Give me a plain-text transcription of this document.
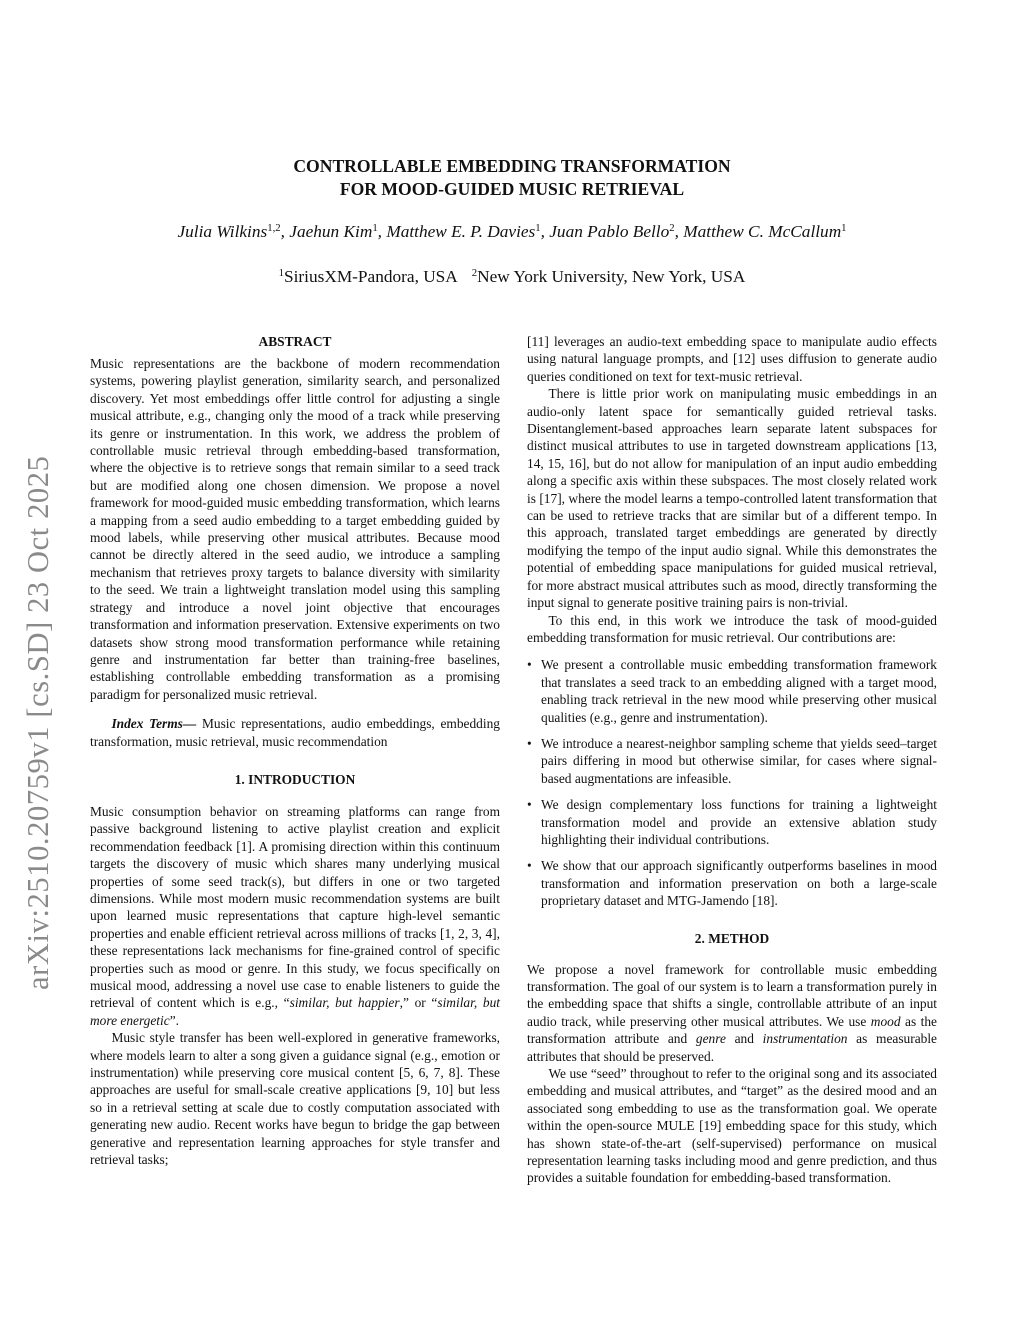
arXiv:2510.20759v1 [cs.SD] 23 Oct 2025
CONTROLLABLE EMBEDDING TRANSFORMATION
FOR MOOD-GUIDED MUSIC RETRIEVAL

Julia Wilkins$^{1,2}$, Jaehun Kim$^1$, Matthew E. P. Davies$^1$, Juan Pablo Bello$^2$, Matthew C. McCallum$^1$

$^1$SiriusXM-Pandora, USA $^2$New York University, New York, USA

ABSTRACT

Music representations are the backbone of modern recommendation systems, powering playlist generation, similarity search, and personalized discovery. Yet most embeddings offer little control for adjusting a single musical attribute, e.g., changing only the mood of a track while preserving its genre or instrumentation. In this work, we address the problem of controllable music retrieval through embedding-based transformation, where the objective is to retrieve songs that remain similar to a seed track but are modified along one chosen dimension. We propose a novel framework for mood-guided music embedding transformation, which learns a mapping from a seed audio embedding to a target embedding guided by mood labels, while preserving other musical attributes. Because mood cannot be directly altered in the seed audio, we introduce a sampling mechanism that retrieves proxy targets to balance diversity with similarity to the seed. We train a lightweight translation model using this sampling strategy and introduce a novel joint objective that encourages transformation and information preservation. Extensive experiments on two datasets show strong mood transformation performance while retaining genre and instrumentation far better than training-free baselines, establishing controllable embedding transformation as a promising paradigm for personalized music retrieval.

Index Terms— Music representations, audio embeddings, embedding transformation, music retrieval, music recommendation

1. INTRODUCTION

Music consumption behavior on streaming platforms can range from passive background listening to active playlist creation and explicit recommendation feedback [1]. A promising direction within this continuum targets the discovery of music which shares many underlying musical properties of some seed track(s), but differs in one or two targeted dimensions. While most modern music recommendation systems are built upon learned music representations that capture high-level semantic properties and enable efficient retrieval across millions of tracks [1, 2, 3, 4], these representations lack mechanisms for fine-grained control of specific properties such as mood or genre. In this study, we focus specifically on musical mood, addressing a novel use case to enable listeners to guide the retrieval of content which is e.g., “similar, but happier,” or “similar, but more energetic”.

Music style transfer has been well-explored in generative frameworks, where models learn to alter a song given a guidance signal (e.g., emotion or instrumentation) while preserving core musical content [5, 6, 7, 8]. These approaches are useful for small-scale creative applications [9, 10] but less so in a retrieval setting at scale due to costly computation associated with generating new audio. Recent works have begun to bridge the gap between generative and representation learning approaches for style transfer and retrieval tasks;

[11] leverages an audio-text embedding space to manipulate audio effects using natural language prompts, and [12] uses diffusion to generate audio queries conditioned on text for text-music retrieval.

There is little prior work on manipulating music embeddings in an audio-only latent space for semantically guided retrieval tasks. Disentanglement-based approaches learn separate latent subspaces for distinct musical attributes to use in targeted downstream applications [13, 14, 15, 16], but do not allow for manipulation of an input audio embedding along a specific axis within these subspaces. The most closely related work is [17], where the model learns a tempo-controlled latent transformation that can be used to retrieve tracks that are similar but of a different tempo. In this approach, translated target embeddings are generated by directly modifying the tempo of the input audio signal. While this demonstrates the potential of embedding space manipulations for guided musical retrieval, for more abstract musical attributes such as mood, directly transforming the input signal to generate positive training pairs is non-trivial.

To this end, in this work we introduce the task of mood-guided embedding transformation for music retrieval. Our contributions are:

• We present a controllable music embedding transformation framework that translates a seed track to an embedding aligned with a target mood, enabling track retrieval in the new mood while preserving other musical qualities (e.g., genre and instrumentation).
• We introduce a nearest-neighbor sampling scheme that yields seed–target pairs differing in mood but otherwise similar, for cases where signal-based augmentations are infeasible.
• We design complementary loss functions for training a lightweight transformation model and provide an extensive ablation study highlighting their individual contributions.
• We show that our approach significantly outperforms baselines in mood transformation and information preservation on both a large-scale proprietary dataset and MTG-Jamendo [18].
2. METHOD

We propose a novel framework for controllable music embedding transformation. The goal of our system is to learn a transformation purely in the embedding space that shifts a single, controllable attribute of an input audio track, while preserving other musical attributes. We use mood as the transformation attribute and genre and instrumentation as measurable attributes that should be preserved.

We use “seed” throughout to refer to the original song and its associated embedding and musical attributes, and “target” as the desired mood and an associated song embedding to use as the transformation goal. We operate within the open-source MULE [19] embedding space for this study, which has shown state-of-the-art (self-supervised) performance on musical representation learning tasks including mood and genre prediction, and thus provides a suitable foundation for embedding-based transformation.
